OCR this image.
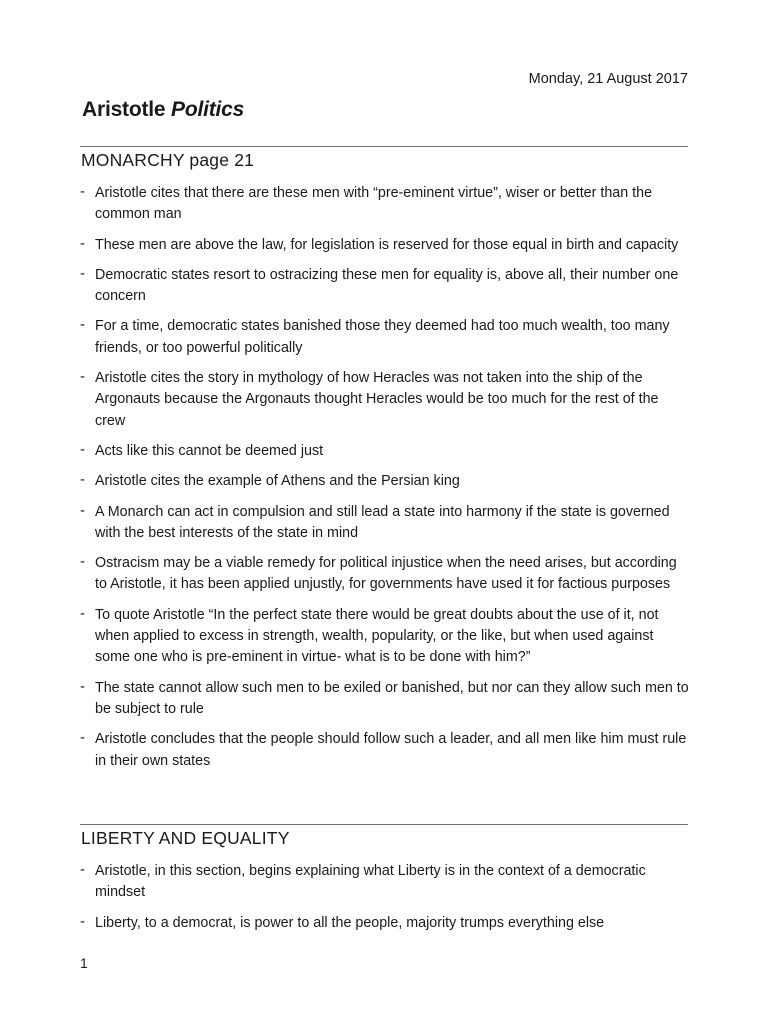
Monday, 21 August 2017
Aristotle Politics
MONARCHY page 21
- Aristotle cites that there are these men with “pre-eminent virtue”, wiser or better than the common man
- These men are above the law, for legislation is reserved for those equal in birth and capacity
- Democratic states resort to ostracizing these men for equality is, above all, their number one concern
- For a time, democratic states banished those they deemed had too much wealth, too many friends, or too powerful politically
- Aristotle cites the story in mythology of how Heracles was not taken into the ship of the Argonauts because the Argonauts thought Heracles would be too much for the rest of the crew
- Acts like this cannot be deemed just
- Aristotle cites the example of Athens and the Persian king
- A Monarch can act in compulsion and still lead a state into harmony if the state is governed with the best interests of the state in mind
- Ostracism may be a viable remedy for political injustice when the need arises, but according to Aristotle, it has been applied unjustly, for governments have used it for factious purposes
- To quote Aristotle “In the perfect state there would be great doubts about the use of it, not when applied to excess in strength, wealth, popularity, or the like, but when used against some one who is pre-eminent in virtue- what is to be done with him?”
- The state cannot allow such men to be exiled or banished, but nor can they allow such men to be subject to rule
- Aristotle concludes that the people should follow such a leader, and all men like him must rule in their own states
LIBERTY AND EQUALITY
- Aristotle, in this section, begins explaining what Liberty is in the context of a democratic mindset
- Liberty, to a democrat, is power to all the people, majority trumps everything else
1
